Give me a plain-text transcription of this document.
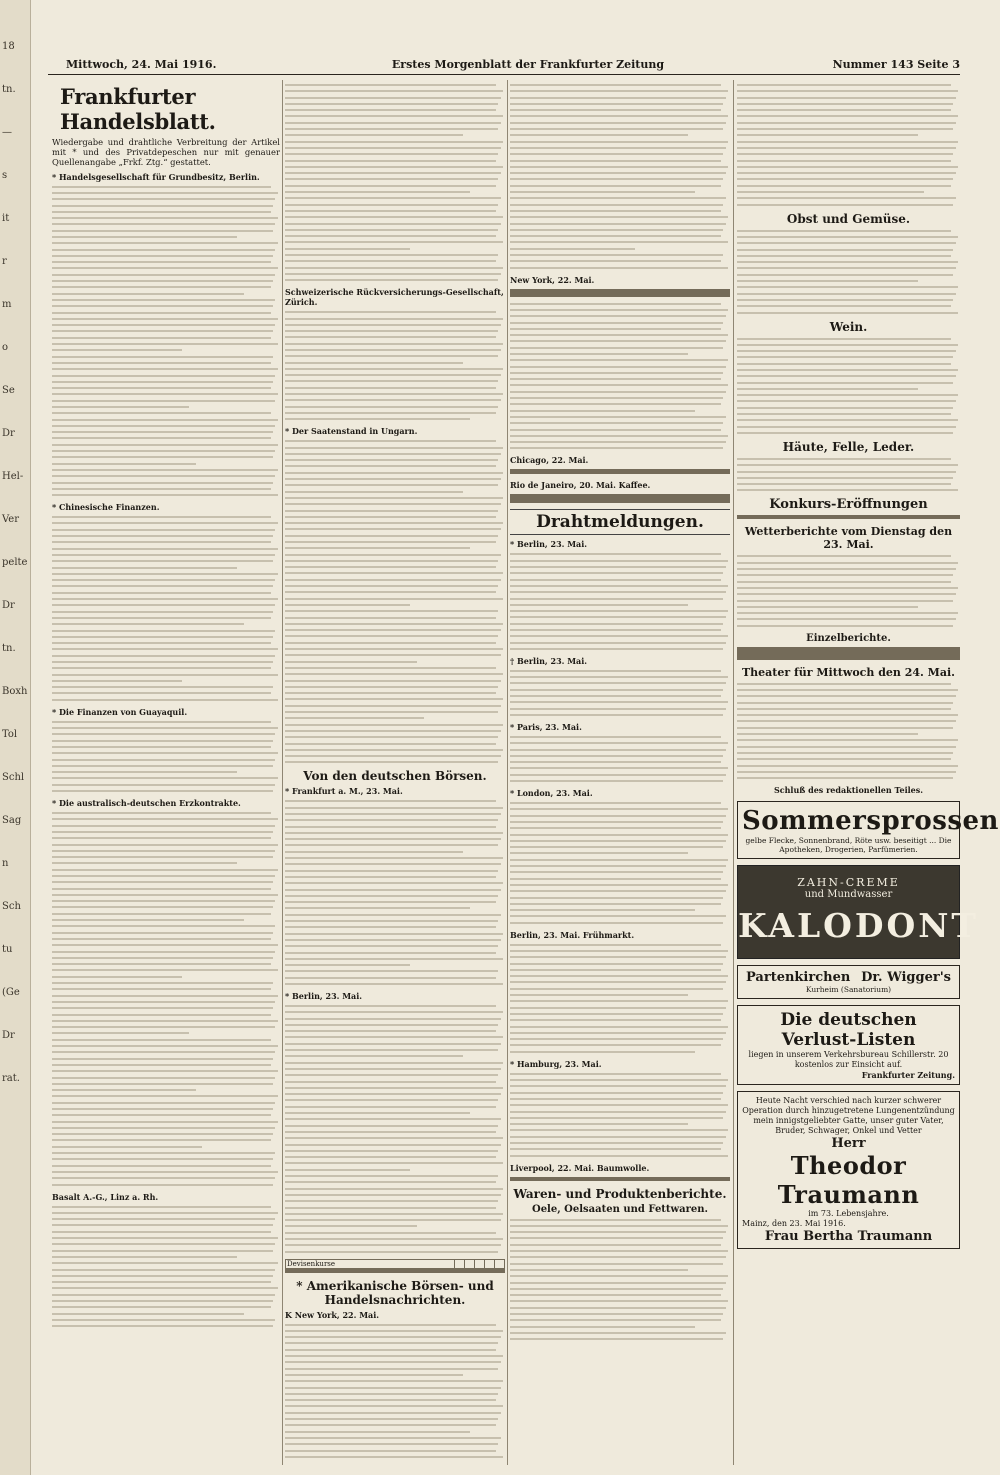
18
tn.
—
s
it
r
m
o
Se
Dr
Hel-
Ver
pelte
Dr
tn.
Boxh
Tol
Schl
Sag
n
Sch
tu
(Ge
Dr
rat.
Mittwoch, 24. Mai 1916.	Erstes Morgenblatt der Frankfurter Zeitung	Nummer 143 Seite 3
Frankfurter Handelsblatt.
Wiedergabe und drahtliche Verbreitung der Artikel mit * und des Privatdepeschen nur mit genauer Quellenangabe „Frkf. Ztg.“ gestattet.
* Handelsgesellschaft für Grundbesitz, Berlin.
* Chinesische Finanzen.
* Die Finanzen von Guayaquil.
* Die australisch-deutschen Erzkontrakte.
Basalt A.-G., Linz a. Rh.
Schweizerische Rückversicherungs-Gesellschaft, Zürich.
* Der Saatenstand in Ungarn.
Von den deutschen Börsen.
* Frankfurt a. M., 23. Mai.
* Berlin, 23. Mai.
Devisenkurse					

* Amerikanische Börsen- und Handelsnachrichten.
K New York, 22. Mai.
New York, 22. Mai.

Chicago, 22. Mai.

Rio de Janeiro, 20. Mai. Kaffee.

Drahtmeldungen.
* Berlin, 23. Mai.
† Berlin, 23. Mai.
* Paris, 23. Mai.
* London, 23. Mai.
Berlin, 23. Mai. Frühmarkt.
* Hamburg, 23. Mai.
Liverpool, 22. Mai. Baumwolle.

Waren- und Produktenberichte.
Oele, Oelsaaten und Fettwaren.
Obst und Gemüse.
Wein.
Häute, Felle, Leder.
Konkurs-Eröffnungen

Wetterberichte vom Dienstag den 23. Mai.
Einzelberichte.

Theater für Mittwoch den 24. Mai.
Schluß des redaktionellen Teiles.
Sommersprossen
gelbe Flecke, Sonnenbrand, Röte usw. beseitigt ... Die Apotheken, Drogerien, Parfümerien.
ZAHN-CREME
und Mundwasser
KALODONT
Partenkirchen Dr. Wigger's
Kurheim (Sanatorium)
Die deutschen Verlust-Listen
liegen in unserem Verkehrsbureau Schillerstr. 20 kostenlos zur Einsicht auf.
Frankfurter Zeitung.
Heute Nacht verschied nach kurzer schwerer Operation durch hinzugetretene Lungenentzündung mein innigstgeliebter Gatte, unser guter Vater, Bruder, Schwager, Onkel und Vetter
Herr
Theodor Traumann
im 73. Lebensjahre.
Mainz, den 23. Mai 1916.
Frau Bertha Traumann
